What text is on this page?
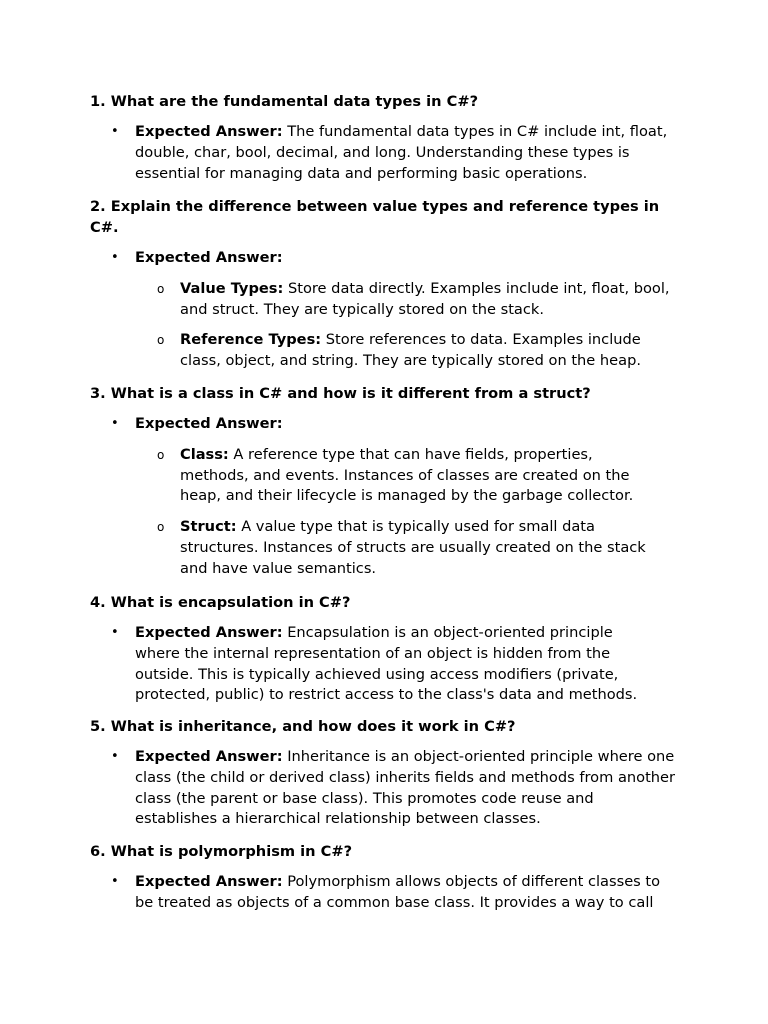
1. What are the fundamental data types in C#?

• Expected Answer: The fundamental data types in C# include int, float, double, char, bool, decimal, and long. Understanding these types is essential for managing data and performing basic operations.

2. Explain the difference between value types and reference types in C#.

• Expected Answer:
o Value Types: Store data directly. Examples include int, float, bool, and struct. They are typically stored on the stack.
o Reference Types: Store references to data. Examples include class, object, and string. They are typically stored on the heap.

3. What is a class in C# and how is it different from a struct?

• Expected Answer:
o Class: A reference type that can have fields, properties, methods, and events. Instances of classes are created on the heap, and their lifecycle is managed by the garbage collector.
o Struct: A value type that is typically used for small data structures. Instances of structs are usually created on the stack and have value semantics.

4. What is encapsulation in C#?

• Expected Answer: Encapsulation is an object-oriented principle where the internal representation of an object is hidden from the outside. This is typically achieved using access modifiers (private, protected, public) to restrict access to the class's data and methods.

5. What is inheritance, and how does it work in C#?

• Expected Answer: Inheritance is an object-oriented principle where one class (the child or derived class) inherits fields and methods from another class (the parent or base class). This promotes code reuse and establishes a hierarchical relationship between classes.

6. What is polymorphism in C#?

• Expected Answer: Polymorphism allows objects of different classes to be treated as objects of a common base class. It provides a way to call
